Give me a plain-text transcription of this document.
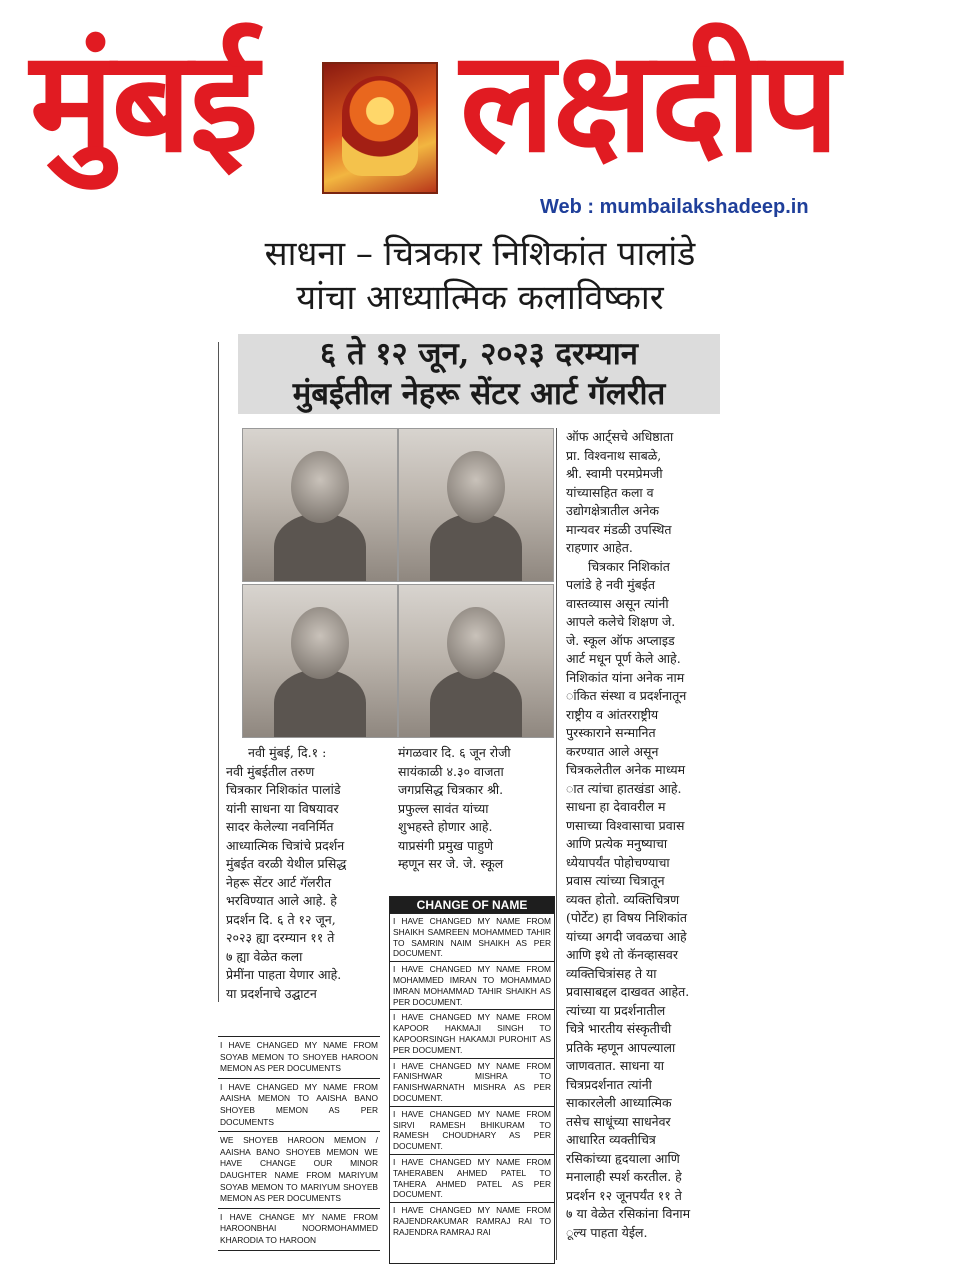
मुंबई लक्षदीप
Web : mumbailakshadeep.in
साधना – चित्रकार निशिकांत पालांडे
यांचा आध्यात्मिक कलाविष्कार
६ ते १२ जून, २०२३ दरम्यान
मुंबईतील नेहरू सेंटर आर्ट गॅलरीत

नवी मुंबई, दि.१ :

नवी मुंबईतील तरुण

चित्रकार निशिकांत पालांडे

यांनी साधना या विषयावर

सादर केलेल्या नवनिर्मित

आध्यात्मिक चित्रांचे प्रदर्शन

मुंबईत वरळी येथील प्रसिद्ध

नेहरू सेंटर आर्ट गॅलरीत

भरविण्यात आले आहे. हे

प्रदर्शन दि. ६ ते १२ जून,

२०२३ ह्या दरम्यान ११ ते

७ ह्या वेळेत कला

प्रेमींना पाहता येणार आहे.

या प्रदर्शनाचे उद्घाटन

मंगळवार दि. ६ जून रोजी

सायंकाळी ४.३० वाजता

जगप्रसिद्ध चित्रकार श्री.

प्रफुल्ल सावंत यांच्या

शुभहस्ते होणार आहे.

याप्रसंगी प्रमुख पाहुणे

म्हणून सर जे. जे. स्कूल

ऑफ आर्ट्सचे अधिष्ठाता

प्रा. विश्वनाथ साबळे,

श्री. स्वामी परमप्रेमजी

यांच्यासहित कला व

उद्योगक्षेत्रातील अनेक

मान्यवर मंडळी उपस्थित

राहणार आहेत.

चित्रकार निशिकांत

पलांडे हे नवी मुंबईत

वास्तव्यास असून त्यांनी

आपले कलेचे शिक्षण जे.

जे. स्कूल ऑफ अप्लाइड

आर्ट मधून पूर्ण केले आहे.

निशिकांत यांना अनेक नाम

ांकित संस्था व प्रदर्शनातून

राष्ट्रीय व आंतरराष्ट्रीय

पुरस्काराने सन्मानित

करण्यात आले असून

चित्रकलेतील अनेक माध्यम

ात त्यांचा हातखंडा आहे.

साधना हा देवावरील म

णसाच्या विश्वासाचा प्रवास

आणि प्रत्येक मनुष्याचा

ध्येयापर्यंत पोहोचण्याचा

प्रवास त्यांच्या चित्रातून

व्यक्त होतो. व्यक्तिचित्रण

(पोर्टेट) हा विषय निशिकांत

यांच्या अगदी जवळचा आहे

आणि इथे तो कॅनव्हासवर

व्यक्तिचित्रांसह ते या

प्रवासाबद्दल दाखवत आहेत.

त्यांच्या या प्रदर्शनातील

चित्रे भारतीय संस्कृतीची

प्रतिके म्हणून आपल्याला

जाणवतात. साधना या

चित्रप्रदर्शनात त्यांनी

साकारलेली आध्यात्मिक

तसेच साधूंच्या साधनेवर

आधारित व्यक्तीचित्र

रसिकांच्या हृदयाला आणि

मनालाही स्पर्श करतील. हे

प्रदर्शन १२ जूनपर्यंत ११ ते

७ या वेळेत रसिकांना विनाम

ूल्य पाहता येईल.

CHANGE OF NAME
I HAVE CHANGED MY NAME FROM SHAIKH SAMREEN MOHAMMED TAHIR TO SAMRIN NAIM SHAIKH AS PER DOCUMENT.
I HAVE CHANGED MY NAME FROM MOHAMMED IMRAN TO MOHAMMAD IMRAN MOHAMMAD TAHIR SHAIKH AS PER DOCUMENT.
I HAVE CHANGED MY NAME FROM KAPOOR HAKMAJI SINGH TO KAPOORSINGH HAKAMJI PUROHIT AS PER DOCUMENT.
I HAVE CHANGED MY NAME FROM FANISHWAR MISHRA TO FANISHWARNATH MISHRA AS PER DOCUMENT.
I HAVE CHANGED MY NAME FROM SIRVI RAMESH BHIKURAM TO RAMESH CHOUDHARY AS PER DOCUMENT.
I HAVE CHANGED MY NAME FROM TAHERABEN AHMED PATEL TO TAHERA AHMED PATEL AS PER DOCUMENT.
I HAVE CHANGED MY NAME FROM RAJENDRAKUMAR RAMRAJ RAI TO RAJENDRA RAMRAJ RAI
I HAVE CHANGED MY NAME FROM SOYAB MEMON TO SHOYEB HAROON MEMON AS PER DOCUMENTS
I HAVE CHANGED MY NAME FROM AAISHA MEMON TO AAISHA BANO SHOYEB MEMON AS PER DOCUMENTS
WE SHOYEB HAROON MEMON / AAISHA BANO SHOYEB MEMON WE HAVE CHANGE OUR MINOR DAUGHTER NAME FROM MARIYUM SOYAB MEMON TO MARIYUM SHOYEB MEMON AS PER DOCUMENTS
I HAVE CHANGE MY NAME FROM HAROONBHAI NOORMOHAMMED KHARODIA TO HAROON
